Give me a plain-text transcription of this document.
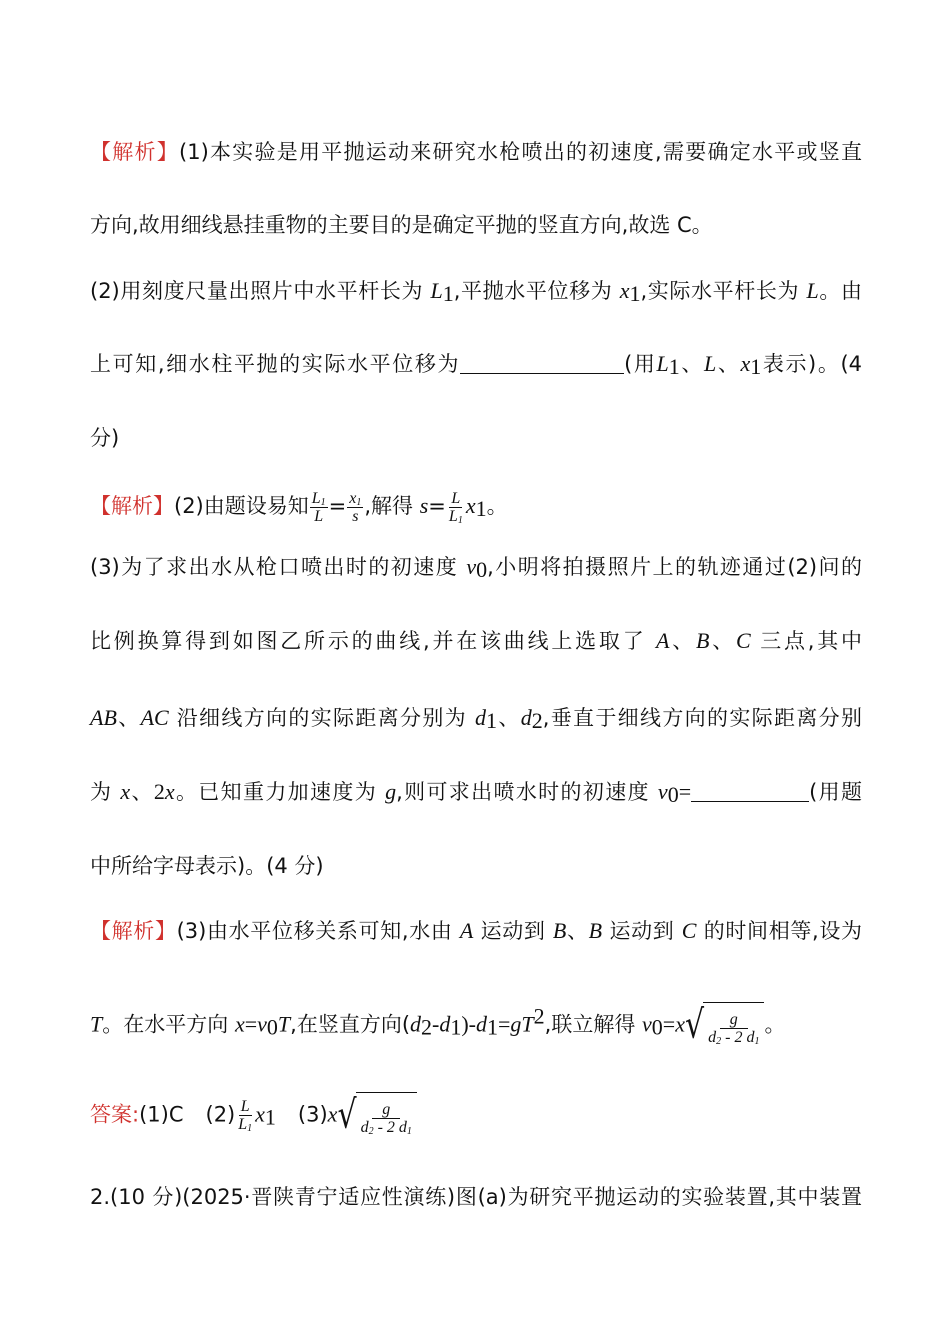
【解析】(1)本实验是用平抛运动来研究水枪喷出的初速度,需要确定水平或竖直
方向,故用细线悬挂重物的主要目的是确定平抛的竖直方向,故选 C。
(2)用刻度尺量出照片中水平杆长为 $L_1$,平抛水平位移为 $x_1$,实际水平杆长为 L。由
上可知,细水柱平抛的实际水平位移为	(用$L_1$、L、$x_1$表示)。(4
分)
【解析】(2)由题设易知 $\frac{L_1}{L} = \frac{x_1}{s}$ ,解得 $s= \frac{L}{L_1} x_1$。
(3)为了求出水从枪口喷出时的初速度 $v_0$,小明将拍摄照片上的轨迹通过(2)问的
比例换算得到如图乙所示的曲线,并在该曲线上选取了 A、B、C 三点,其中
AB、AC 沿细线方向的实际距离分别为 $d_1$、$d_2$,垂直于细线方向的实际距离分别
为 x、2x。已知重力加速度为 g,则可求出喷水时的初速度 $v_0=$	(用题
中所给字母表示)。(4 分)
【解析】(3)由水平位移关系可知,水由 A 运动到 B、B 运动到 C 的时间相等,设为
T。在水平方向 $x=v_0T$,在竖直方向$(d_2-d_1)-d_1=gT^2$,联立解得 $v_0=x$ √ $\frac{g}{d_2 - 2 d_1}$ 。
答案:(1)C $(2) \frac{L}{L_1} x_1$ (3)x √ $\frac{g}{d_2 - 2 d_1}$
2.(10 分)(2025·晋陕青宁适应性演练)图(a)为研究平抛运动的实验装置,其中装置
